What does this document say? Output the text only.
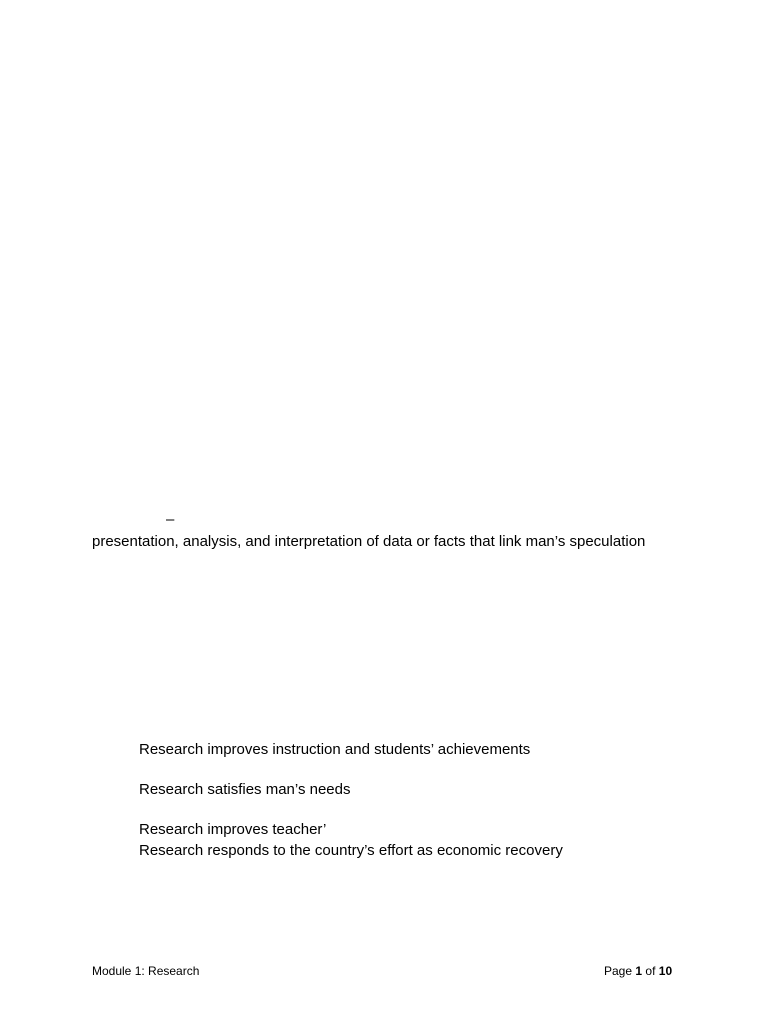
–
presentation, analysis, and interpretation of data or facts that link man’s speculation
Research improves instruction and students’ achievements
Research satisfies man’s needs
Research improves teacher’
Research responds to the country’s effort as economic recovery
Module 1: Research	Page 1 of 10
